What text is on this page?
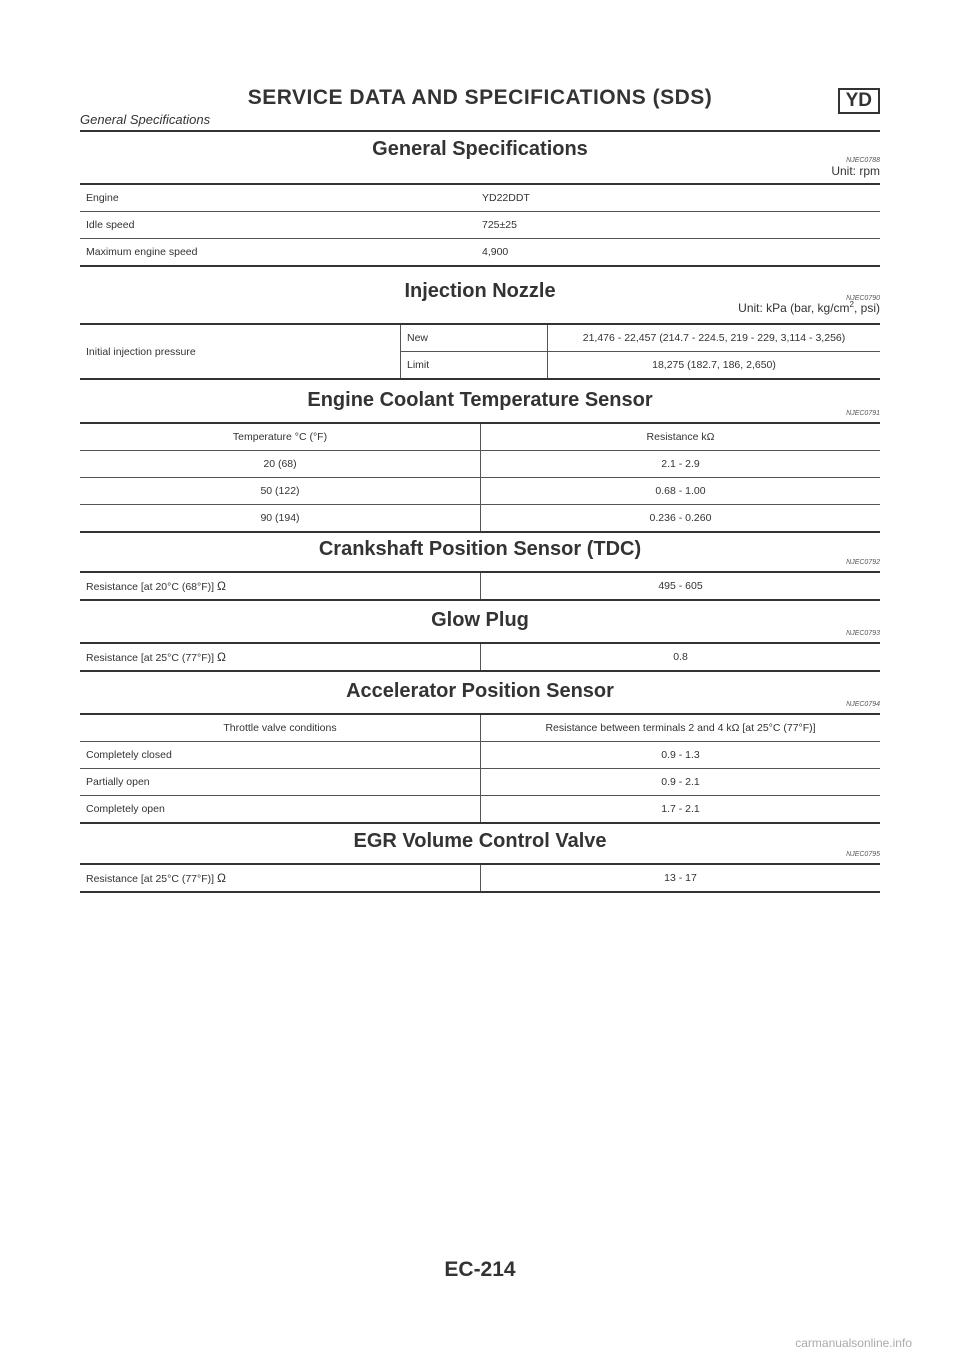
SERVICE DATA AND SPECIFICATIONS (SDS)	YD
General Specifications
General Specifications
NJEC0788
Unit: rpm
Engine	YD22DDT
Idle speed	725±25
Maximum engine speed	4,900
Injection Nozzle	NJEC0790
Unit: kPa (bar, $kg/cm^2$, psi)
Initial injection pressure	New	21,476 - 22,457 (214.7 - 224.5, 219 - 229, 3,114 - 3,256)
	Limit	18,275 (182.7, 186, 2,650)
Engine Coolant Temperature Sensor
NJEC0791
Temperature °C (°F)	Resistance kΩ
20 (68)	2.1 - 2.9
50 (122)	0.68 - 1.00
90 (194)	0.236 - 0.260
Crankshaft Position Sensor (TDC)
NJEC0792
Resistance [at 20°C (68°F)] Ω	495 - 605
Glow Plug
NJEC0793
Resistance [at 25°C (77°F)] Ω	0.8
Accelerator Position Sensor
NJEC0794
Throttle valve conditions	Resistance between terminals 2 and 4 kΩ [at 25°C (77°F)]
Completely closed	0.9 - 1.3
Partially open	0.9 - 2.1
Completely open	1.7 - 2.1
EGR Volume Control Valve
NJEC0795
Resistance [at 25°C (77°F)] Ω	13 - 17
EC-214
carmanualsonline.info
